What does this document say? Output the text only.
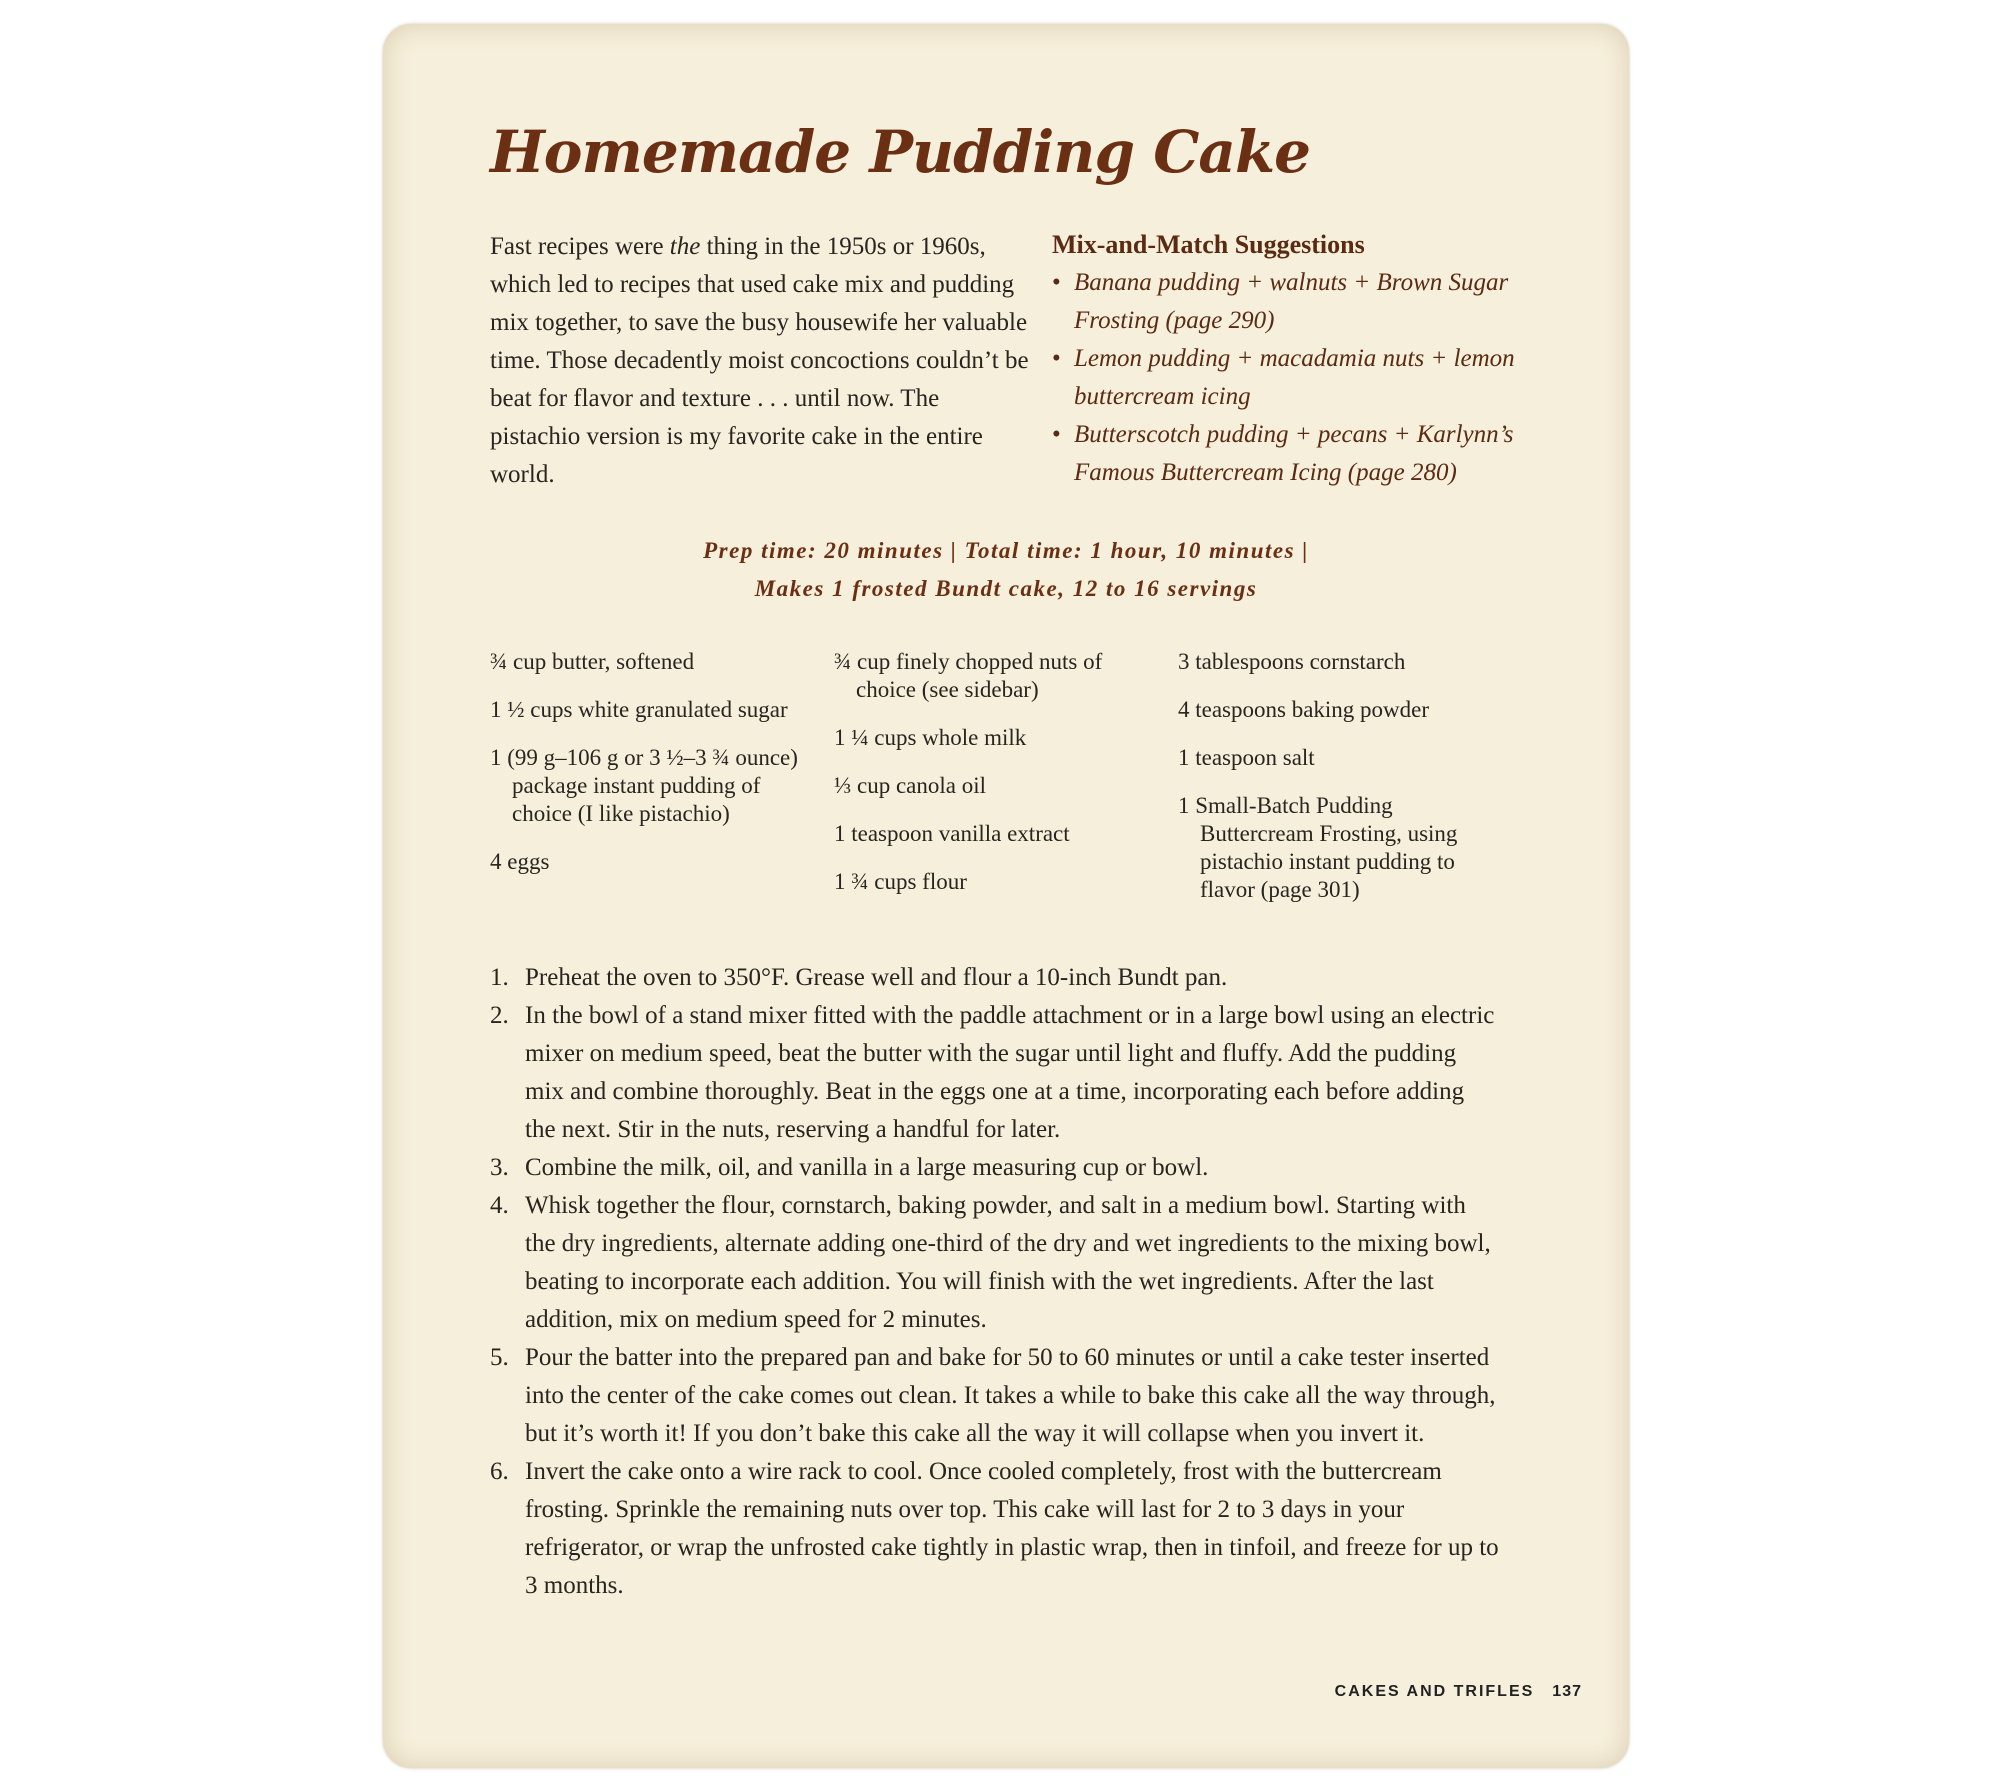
Homemade Pudding Cake

Fast recipes were the thing in the 1950s or 1960s, which led to recipes that used cake mix and pudding mix together, to save the busy housewife her valuable time. Those decadently moist concoctions couldn’t be beat for flavor and texture . . . until now. The pistachio version is my favorite cake in the entire world.

Mix-and-Match Suggestions
• Banana pudding + walnuts + Brown Sugar Frosting (page 290)
• Lemon pudding + macadamia nuts + lemon buttercream icing
• Butterscotch pudding + pecans + Karlynn’s Famous Buttercream Icing (page 280)
Prep time: 20 minutes | Total time: 1 hour, 10 minutes |
Makes 1 frosted Bundt cake, 12 to 16 servings
¾ cup butter, softened
1 ½ cups white granulated sugar
1 (99 g–106 g or 3 ½–3 ¾ ounce) package instant pudding of choice (I like pistachio)
4 eggs
¾ cup finely chopped nuts of choice (see sidebar)
1 ¼ cups whole milk
⅓ cup canola oil
1 teaspoon vanilla extract
1 ¾ cups flour
3 tablespoons cornstarch
4 teaspoons baking powder
1 teaspoon salt
1 Small-Batch Pudding Buttercream Frosting, using pistachio instant pudding to flavor (page 301)
1. Preheat the oven to 350°F. Grease well and flour a 10-inch Bundt pan.
2. In the bowl of a stand mixer fitted with the paddle attachment or in a large bowl using an electric mixer on medium speed, beat the butter with the sugar until light and fluffy. Add the pudding mix and combine thoroughly. Beat in the eggs one at a time, incorporating each before adding the next. Stir in the nuts, reserving a handful for later.
3. Combine the milk, oil, and vanilla in a large measuring cup or bowl.
4. Whisk together the flour, cornstarch, baking powder, and salt in a medium bowl. Starting with the dry ingredients, alternate adding one-third of the dry and wet ingredients to the mixing bowl, beating to incorporate each addition. You will finish with the wet ingredients. After the last addition, mix on medium speed for 2 minutes.
5. Pour the batter into the prepared pan and bake for 50 to 60 minutes or until a cake tester inserted into the center of the cake comes out clean. It takes a while to bake this cake all the way through, but it’s worth it! If you don’t bake this cake all the way it will collapse when you invert it.
6. Invert the cake onto a wire rack to cool. Once cooled completely, frost with the buttercream frosting. Sprinkle the remaining nuts over top. This cake will last for 2 to 3 days in your refrigerator, or wrap the unfrosted cake tightly in plastic wrap, then in tinfoil, and freeze for up to 3 months.
CAKES AND TRIFLES 137
